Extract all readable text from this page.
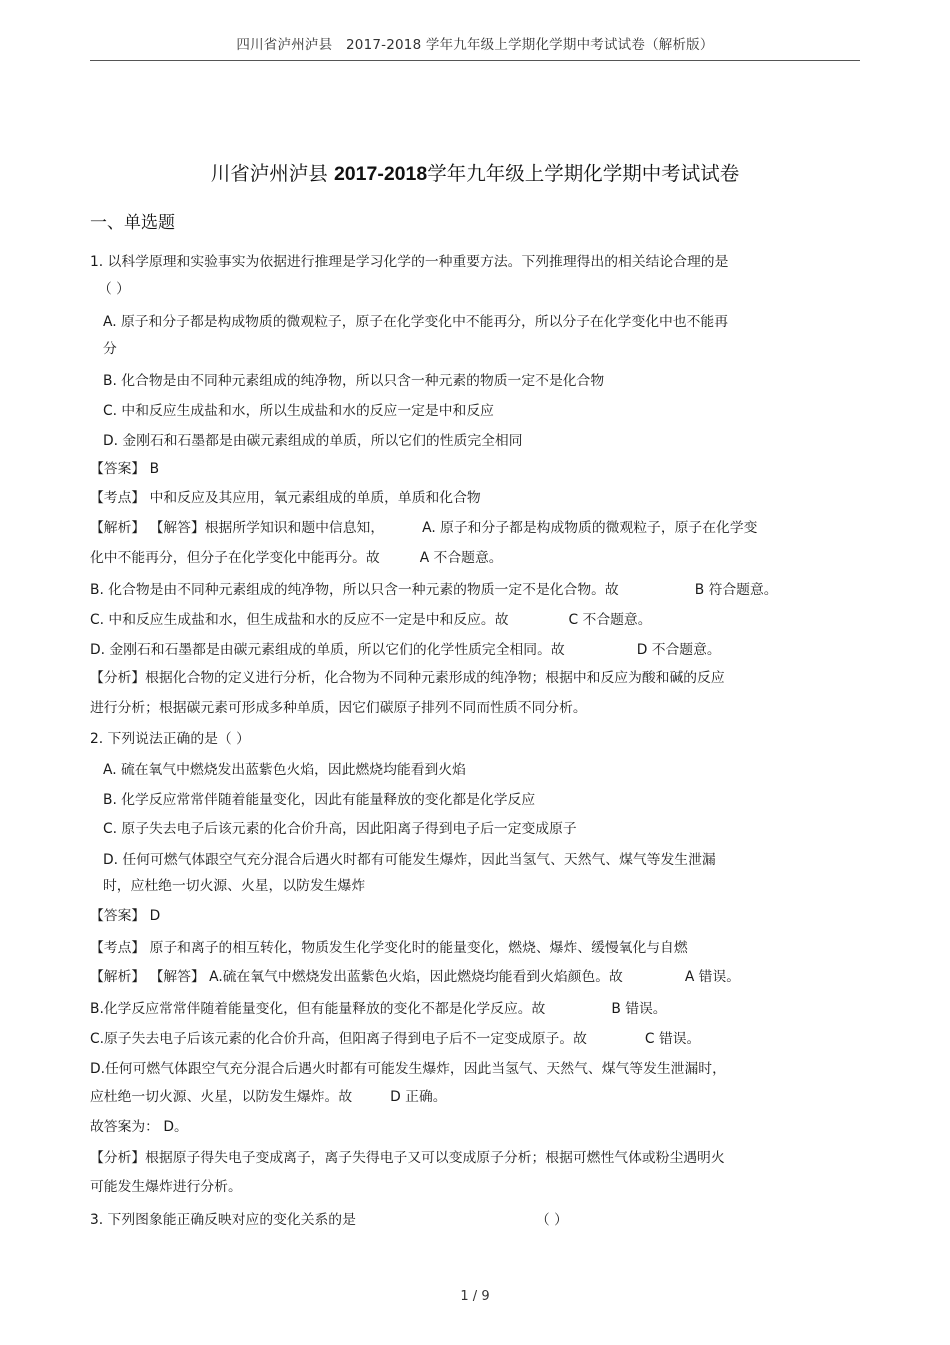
四川省泸州泸县　2017-2018 学年九年级上学期化学期中考试试卷（解析版）
川省泸州泸县 2017-2018学年九年级上学期化学期中考试试卷
一、单选题
1. 以科学原理和实验事实为依据进行推理是学习化学的一种重要方法。下列推理得出的相关结论合理的是
（ ）
A. 原子和分子都是构成物质的微观粒子，原子在化学变化中不能再分，所以分子在化学变化中也不能再
分
B. 化合物是由不同种元素组成的纯净物，所以只含一种元素的物质一定不是化合物
C. 中和反应生成盐和水，所以生成盐和水的反应一定是中和反应
D. 金刚石和石墨都是由碳元素组成的单质，所以它们的性质完全相同
【答案】 B
【考点】 中和反应及其应用，氧元素组成的单质，单质和化合物
【解析】 【解答】根据所学知识和题中信息知，	A. 原子和分子都是构成物质的微观粒子，原子在化学变
化中不能再分，但分子在化学变化中能再分。故	A 不合题意。
B. 化合物是由不同种元素组成的纯净物，所以只含一种元素的物质一定不是化合物。故	B 符合题意。
C. 中和反应生成盐和水，但生成盐和水的反应不一定是中和反应。故	C 不合题意。
D. 金刚石和石墨都是由碳元素组成的单质，所以它们的化学性质完全相同。故	D 不合题意。
【分析】根据化合物的定义进行分析，化合物为不同种元素形成的纯净物；根据中和反应为酸和碱的反应
进行分析；根据碳元素可形成多种单质，因它们碳原子排列不同而性质不同分析。
2. 下列说法正确的是（ ）
A. 硫在氧气中燃烧发出蓝紫色火焰，因此燃烧均能看到火焰
B. 化学反应常常伴随着能量变化，因此有能量释放的变化都是化学反应
C. 原子失去电子后该元素的化合价升高，因此阳离子得到电子后一定变成原子
D. 任何可燃气体跟空气充分混合后遇火时都有可能发生爆炸，因此当氢气、天然气、煤气等发生泄漏
时，应杜绝一切火源、火星，以防发生爆炸
【答案】 D
【考点】 原子和离子的相互转化，物质发生化学变化时的能量变化，燃烧、爆炸、缓慢氧化与自燃
【解析】 【解答】 A.硫在氧气中燃烧发出蓝紫色火焰，因此燃烧均能看到火焰颜色。故	A 错误。
B.化学反应常常伴随着能量变化，但有能量释放的变化不都是化学反应。故	B 错误。
C.原子失去电子后该元素的化合价升高，但阳离子得到电子后不一定变成原子。故	C 错误。
D.任何可燃气体跟空气充分混合后遇火时都有可能发生爆炸，因此当氢气、天然气、煤气等发生泄漏时，
应杜绝一切火源、火星，以防发生爆炸。故	D 正确。
故答案为： D。
【分析】根据原子得失电子变成离子，离子失得电子又可以变成原子分析；根据可燃性气体或粉尘遇明火
可能发生爆炸进行分析。
3. 下列图象能正确反映对应的变化关系的是	（ ）
1 / 9
